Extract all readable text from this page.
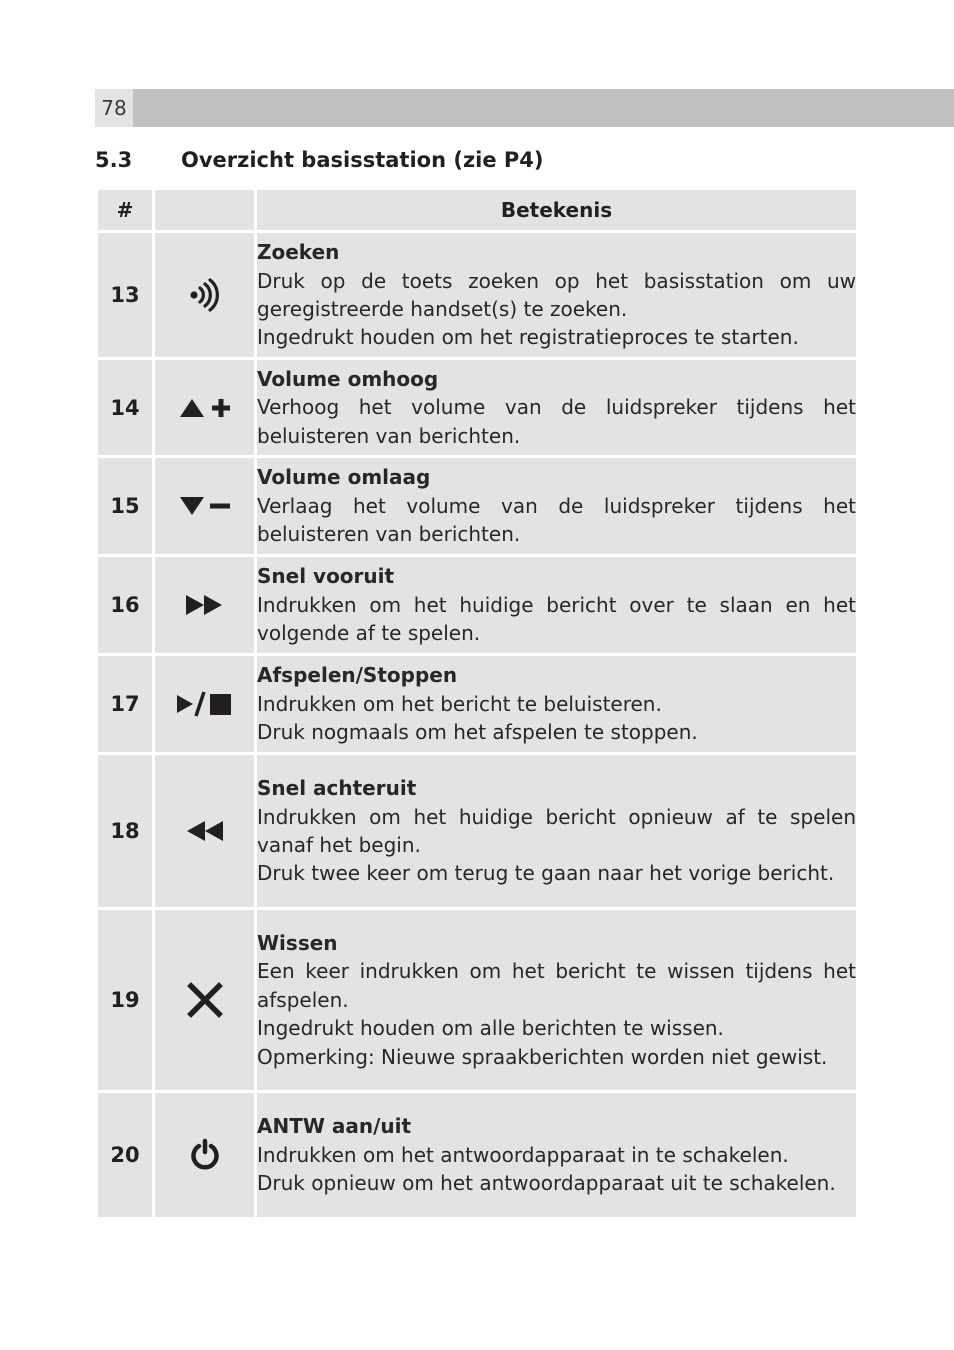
78
5.3 Overzicht basisstation (zie P4)
#		Betekenis
13		Zoeken
Druk op de toets zoeken op het basisstation om uw geregistreerde handset(s) te zoeken.
Ingedrukt houden om het registratieproces te starten.

14		Volume omhoog
Verhoog het volume van de luidspreker tijdens het beluisteren van berichten.

15		Volume omlaag
Verlaag het volume van de luidspreker tijdens het beluisteren van berichten.

16		Snel vooruit
Indrukken om het huidige bericht over te slaan en het volgende af te spelen.

17		Afspelen/Stoppen
Indrukken om het bericht te beluisteren.
Druk nogmaals om het afspelen te stoppen.

18		Snel achteruit
Indrukken om het huidige bericht opnieuw af te spelen vanaf het begin.
Druk twee keer om terug te gaan naar het vorige bericht.

19		Wissen
Een keer indrukken om het bericht te wissen tijdens het afspelen.
Ingedrukt houden om alle berichten te wissen.
Opmerking: Nieuwe spraakberichten worden niet gewist.

20		ANTW aan/uit
Indrukken om het antwoordapparaat in te schakelen.
Druk opnieuw om het antwoordapparaat uit te schakelen.
